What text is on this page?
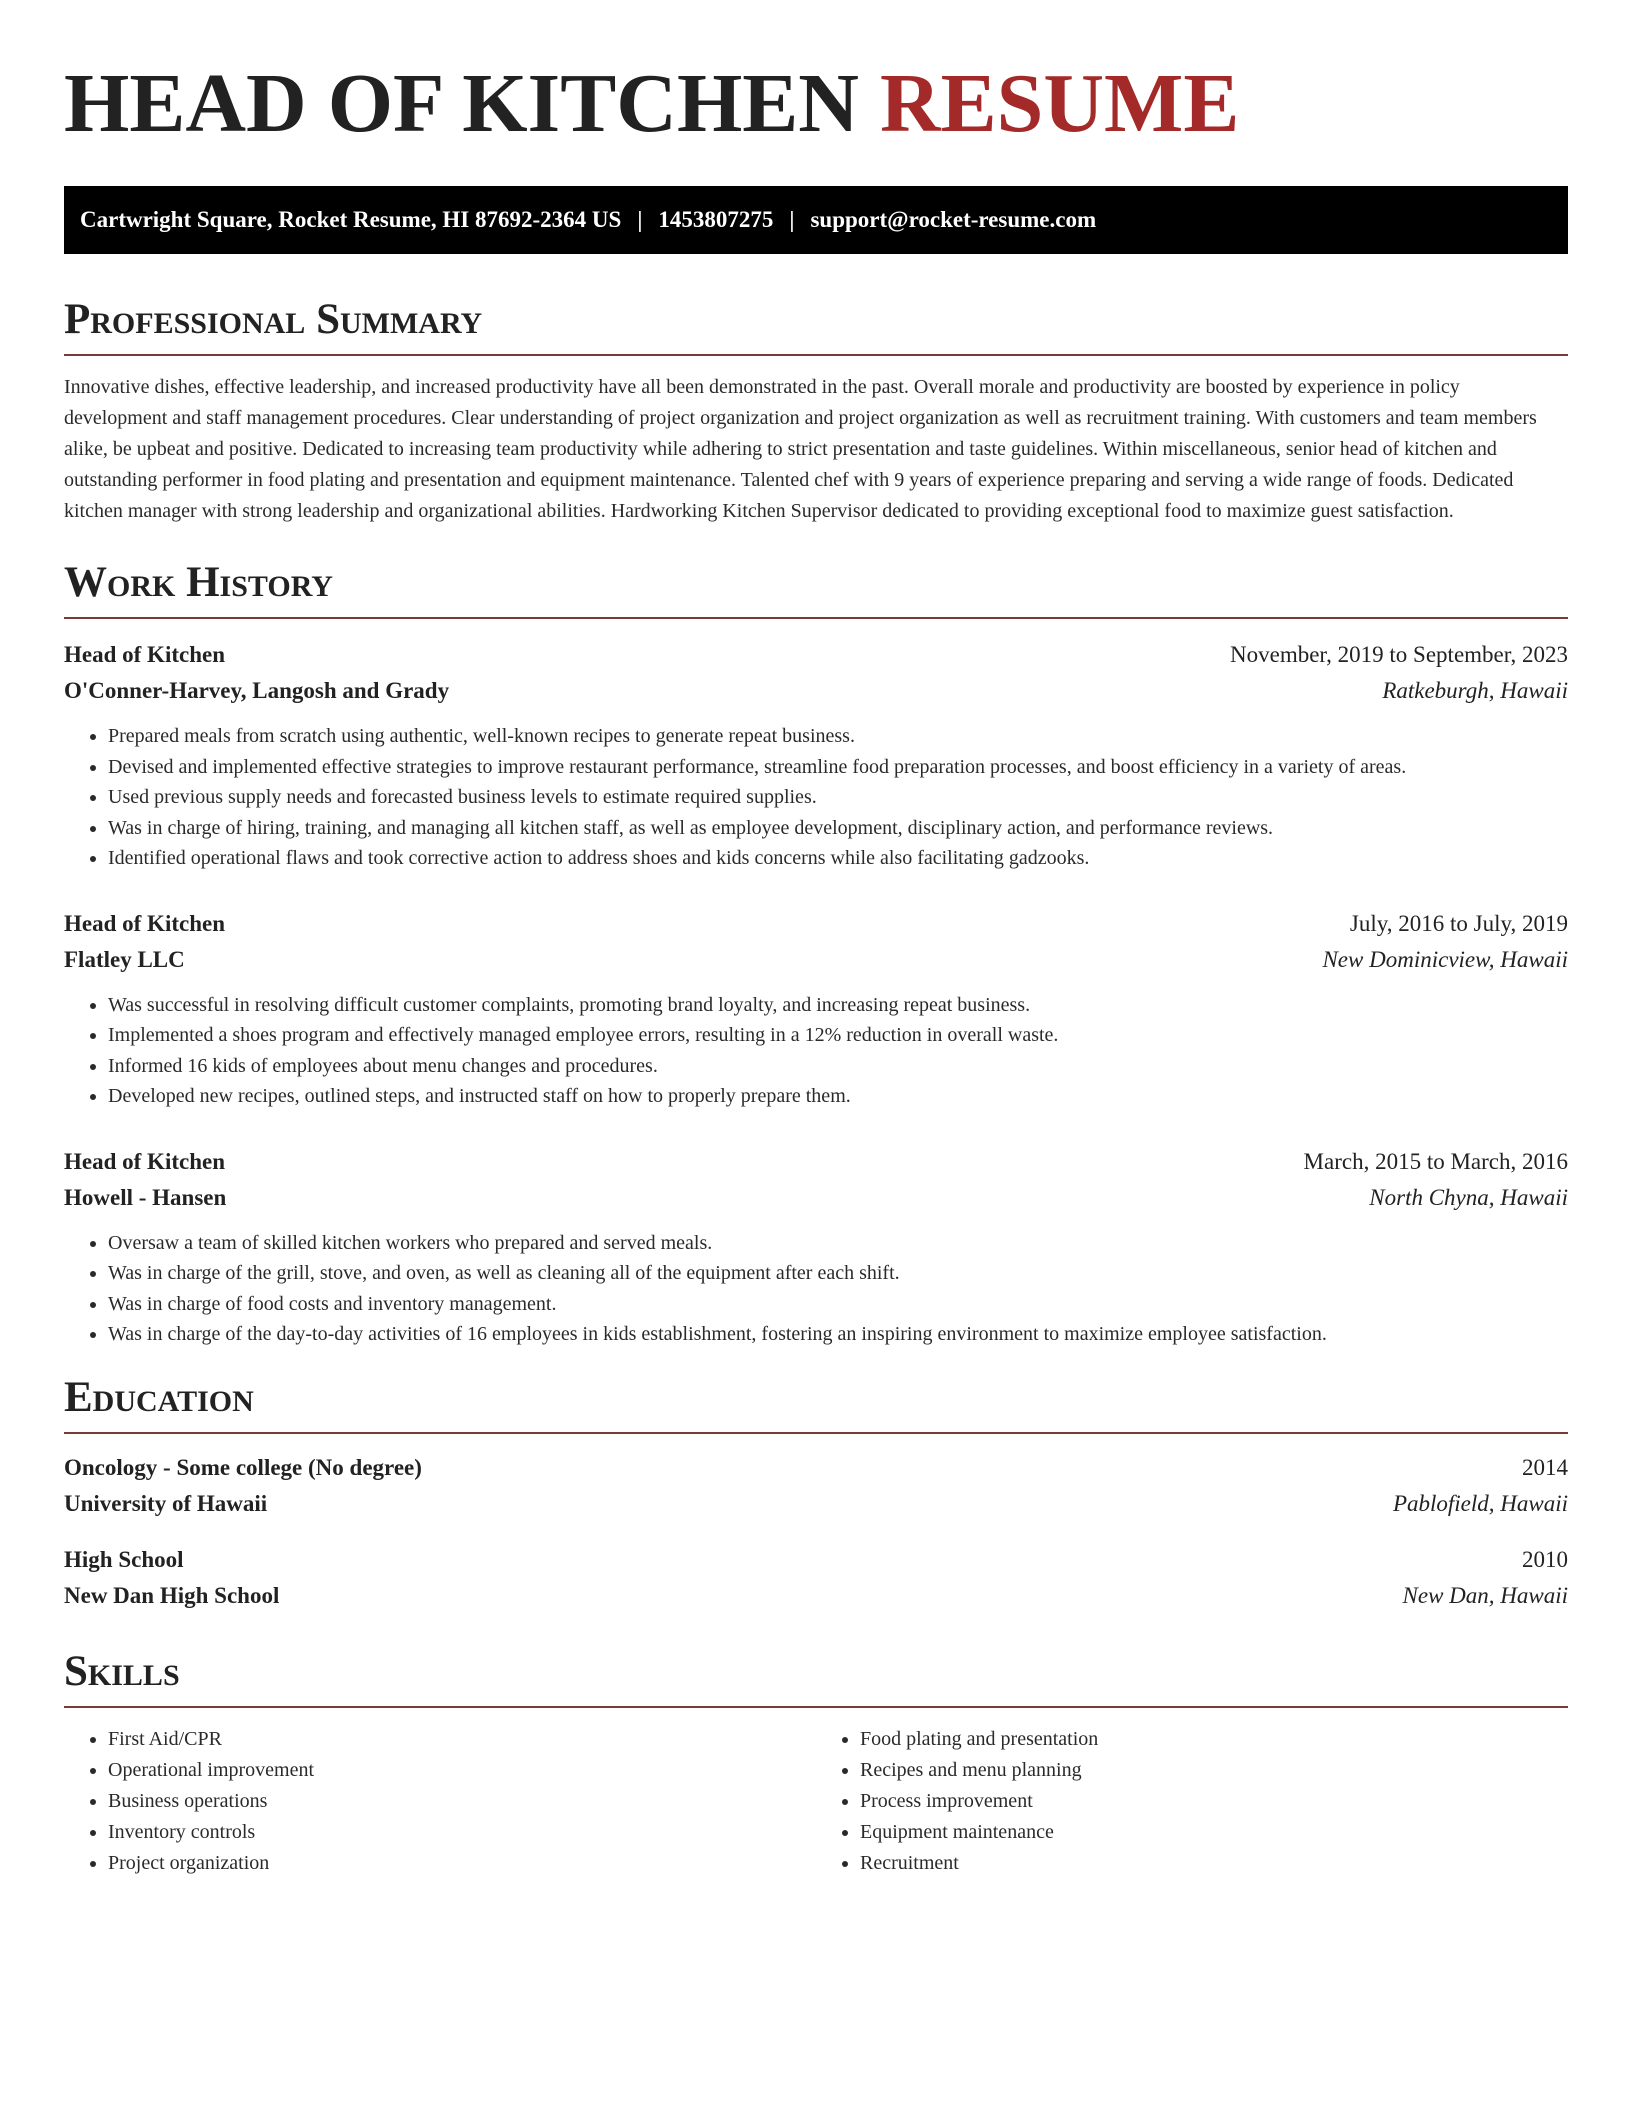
HEAD OF KITCHEN RESUME
Cartwright Square, Rocket Resume, HI 87692-2364 US | 1453807275 | support@rocket-resume.com
Professional Summary

Innovative dishes, effective leadership, and increased productivity have all been demonstrated in the past. Overall morale and productivity are boosted by experience in policy development and staff management procedures. Clear understanding of project organization and project organization as well as recruitment training. With customers and team members alike, be upbeat and positive. Dedicated to increasing team productivity while adhering to strict presentation and taste guidelines. Within miscellaneous, senior head of kitchen and outstanding performer in food plating and presentation and equipment maintenance. Talented chef with 9 years of experience preparing and serving a wide range of foods. Dedicated kitchen manager with strong leadership and organizational abilities. Hardworking Kitchen Supervisor dedicated to providing exceptional food to maximize guest satisfaction.

Work History
Head of Kitchen	November, 2019 to September, 2023
O'Conner-Harvey, Langosh and Grady	Ratkeburgh, Hawaii
• Prepared meals from scratch using authentic, well-known recipes to generate repeat business.
• Devised and implemented effective strategies to improve restaurant performance, streamline food preparation processes, and boost efficiency in a variety of areas.
• Used previous supply needs and forecasted business levels to estimate required supplies.
• Was in charge of hiring, training, and managing all kitchen staff, as well as employee development, disciplinary action, and performance reviews.
• Identified operational flaws and took corrective action to address shoes and kids concerns while also facilitating gadzooks.
Head of Kitchen	July, 2016 to July, 2019
Flatley LLC	New Dominicview, Hawaii
• Was successful in resolving difficult customer complaints, promoting brand loyalty, and increasing repeat business.
• Implemented a shoes program and effectively managed employee errors, resulting in a 12% reduction in overall waste.
• Informed 16 kids of employees about menu changes and procedures.
• Developed new recipes, outlined steps, and instructed staff on how to properly prepare them.
Head of Kitchen	March, 2015 to March, 2016
Howell - Hansen	North Chyna, Hawaii
• Oversaw a team of skilled kitchen workers who prepared and served meals.
• Was in charge of the grill, stove, and oven, as well as cleaning all of the equipment after each shift.
• Was in charge of food costs and inventory management.
• Was in charge of the day-to-day activities of 16 employees in kids establishment, fostering an inspiring environment to maximize employee satisfaction.
Education
Oncology - Some college (No degree)	2014
University of Hawaii	Pablofield, Hawaii
High School	2010
New Dan High School	New Dan, Hawaii
Skills
• First Aid/CPR
• Operational improvement
• Business operations
• Inventory controls
• Project organization
• Food plating and presentation
• Recipes and menu planning
• Process improvement
• Equipment maintenance
• Recruitment
